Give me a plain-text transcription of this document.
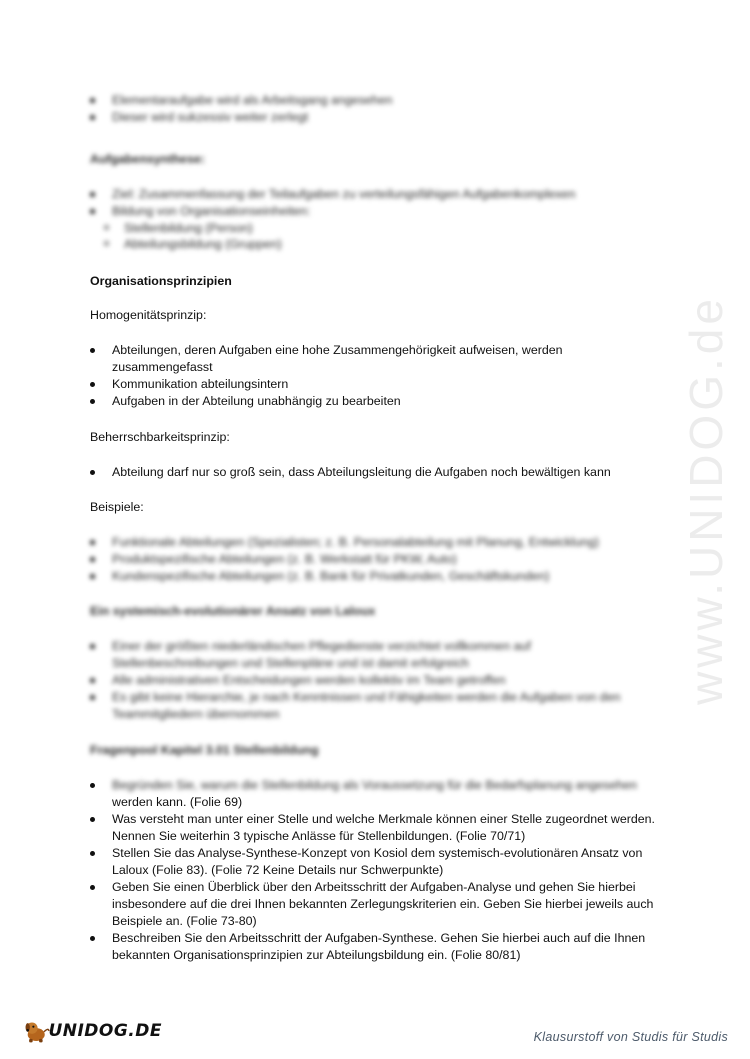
Elementaraufgabe wird als Arbeitsgang angesehen
Dieser wird sukzessiv weiter zerlegt
Aufgabensynthese:
Ziel: Zusammenfassung der Teilaufgaben zu verteilungsfähigen Aufgabenkomplexen
Bildung von Organisationseinheiten:
Stellenbildung (Person)
Abteilungsbildung (Gruppen)
Organisationsprinzipien
Homogenitätsprinzip:
Abteilungen, deren Aufgaben eine hohe Zusammengehörigkeit aufweisen, werden zusammengefasst
Kommunikation abteilungsintern
Aufgaben in der Abteilung unabhängig zu bearbeiten
Beherrschbarkeitsprinzip:
Abteilung darf nur so groß sein, dass Abteilungsleitung die Aufgaben noch bewältigen kann
Beispiele:
Funktionale Abteilungen (Spezialisten; z. B. Personalabteilung mit Planung, Entwicklung)
Produktspezifische Abteilungen (z. B. Werkstatt für PKW, Auto)
Kundenspezifische Abteilungen (z. B. Bank für Privatkunden, Geschäftskunden)
Ein systemisch-evolutionärer Ansatz von Laloux
Einer der größten niederländischen Pflegedienste verzichtet vollkommen auf Stellenbeschreibungen und Stellenpläne und ist damit erfolgreich
Alle administrativen Entscheidungen werden kollektiv im Team getroffen
Es gibt keine Hierarchie, je nach Kenntnissen und Fähigkeiten werden die Aufgaben von den Teammitgliedern übernommen
Fragenpool Kapitel 3.01 Stellenbildung
Begründen Sie, warum die Stellenbildung als Voraussetzung für die Bedarfsplanung angesehen
werden kann. (Folie 69)
Was versteht man unter einer Stelle und welche Merkmale können einer Stelle zugeordnet werden. Nennen Sie weiterhin 3 typische Anlässe für Stellenbildungen. (Folie 70/71)
Stellen Sie das Analyse-Synthese-Konzept von Kosiol dem systemisch-evolutionären Ansatz von Laloux (Folie 83). (Folie 72 Keine Details nur Schwerpunkte)
Geben Sie einen Überblick über den Arbeitsschritt der Aufgaben-Analyse und gehen Sie hierbei insbesondere auf die drei Ihnen bekannten Zerlegungskriterien ein. Geben Sie hierbei jeweils auch Beispiele an. (Folie 73-80)
Beschreiben Sie den Arbeitsschritt der Aufgaben-Synthese. Gehen Sie hierbei auch auf die Ihnen bekannten Organisationsprinzipien zur Abteilungsbildung ein. (Folie 80/81)
www.UNIDOG.de
UNIDOG.DE	Klausurstoff von Studis für Studis
